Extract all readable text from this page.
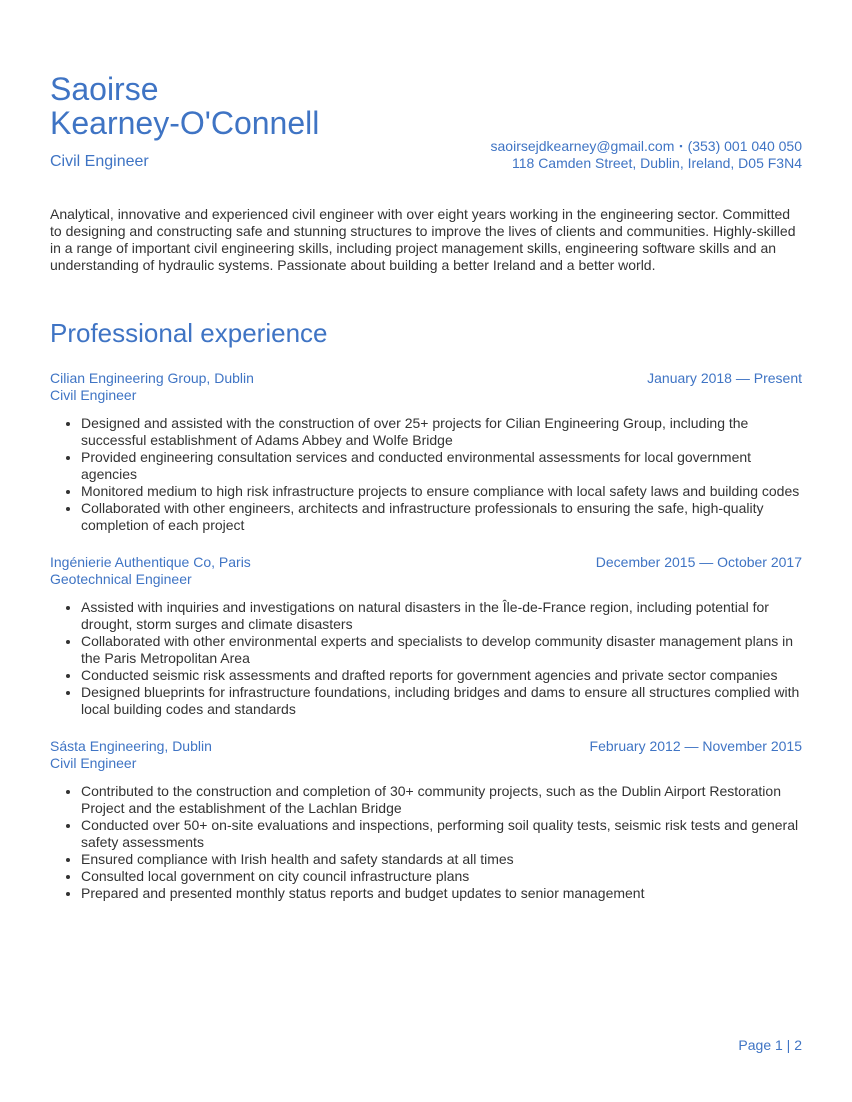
Saoirse
Kearney-O'Connell
Civil Engineer
saoirsejdkearney@gmail.com ▪ (353) 001 040 050
118 Camden Street, Dublin, Ireland, D05 F3N4
Analytical, innovative and experienced civil engineer with over eight years working in the engineering sector. Committed to designing and constructing safe and stunning structures to improve the lives of clients and communities. Highly-skilled in a range of important civil engineering skills, including project management skills, engineering software skills and an understanding of hydraulic systems. Passionate about building a better Ireland and a better world.
Professional experience
Cilian Engineering Group, Dublin	January 2018 — Present
Civil Engineer
• Designed and assisted with the construction of over 25+ projects for Cilian Engineering Group, including the successful establishment of Adams Abbey and Wolfe Bridge
• Provided engineering consultation services and conducted environmental assessments for local government agencies
• Monitored medium to high risk infrastructure projects to ensure compliance with local safety laws and building codes
• Collaborated with other engineers, architects and infrastructure professionals to ensuring the safe, high-quality completion of each project
Ingénierie Authentique Co, Paris	December 2015 — October 2017
Geotechnical Engineer
• Assisted with inquiries and investigations on natural disasters in the Île-de-France region, including potential for drought, storm surges and climate disasters
• Collaborated with other environmental experts and specialists to develop community disaster management plans in the Paris Metropolitan Area
• Conducted seismic risk assessments and drafted reports for government agencies and private sector companies
• Designed blueprints for infrastructure foundations, including bridges and dams to ensure all structures complied with local building codes and standards
Sásta Engineering, Dublin	February 2012 — November 2015
Civil Engineer
• Contributed to the construction and completion of 30+ community projects, such as the Dublin Airport Restoration Project and the establishment of the Lachlan Bridge
• Conducted over 50+ on-site evaluations and inspections, performing soil quality tests, seismic risk tests and general safety assessments
• Ensured compliance with Irish health and safety standards at all times
• Consulted local government on city council infrastructure plans
• Prepared and presented monthly status reports and budget updates to senior management
Page 1 | 2
